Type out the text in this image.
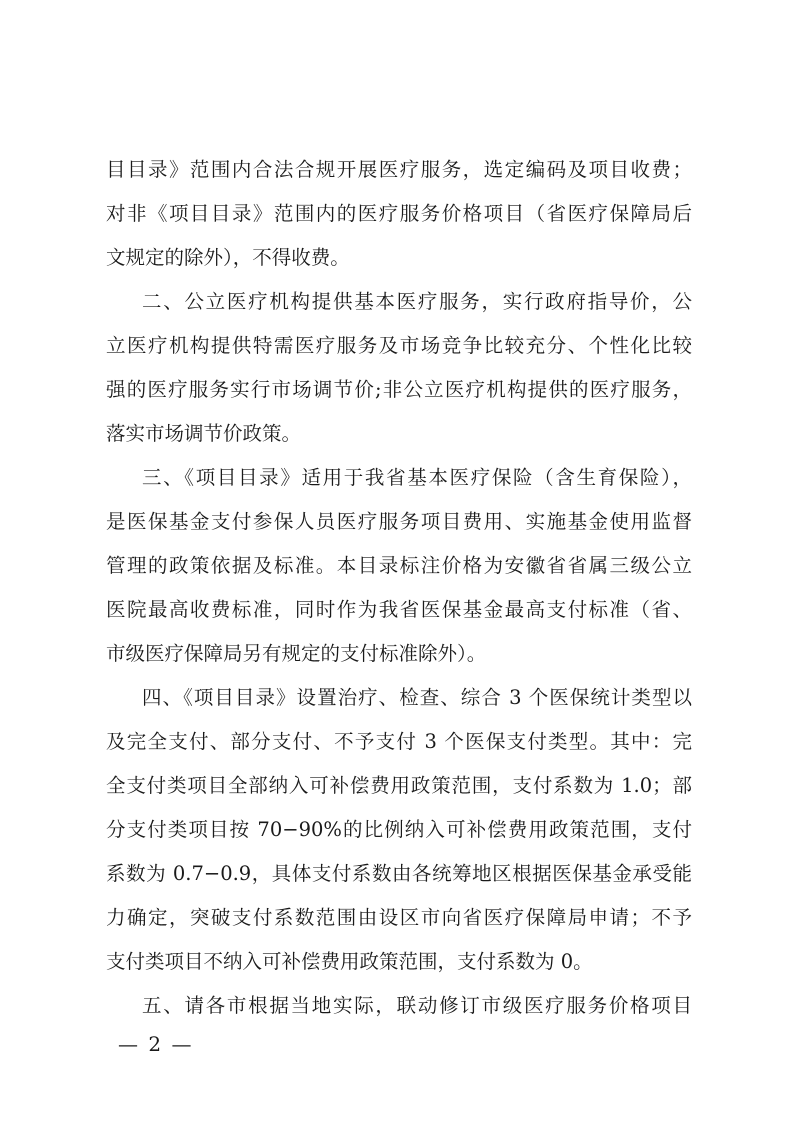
目目录》范围内合法合规开展医疗服务，选定编码及项目收费；
对非《项目目录》范围内的医疗服务价格项目（省医疗保障局后
文规定的除外），不得收费。
二、公立医疗机构提供基本医疗服务，实行政府指导价，公
立医疗机构提供特需医疗服务及市场竞争比较充分、个性化比较
强的医疗服务实行市场调节价;非公立医疗机构提供的医疗服务，
落实市场调节价政策。
三、《项目目录》适用于我省基本医疗保险（含生育保险），
是医保基金支付参保人员医疗服务项目费用、实施基金使用监督
管理的政策依据及标准。本目录标注价格为安徽省省属三级公立
医院最高收费标准，同时作为我省医保基金最高支付标准（省、
市级医疗保障局另有规定的支付标准除外）。
四、《项目目录》设置治疗、检查、综合 3 个医保统计类型以
及完全支付、部分支付、不予支付 3 个医保支付类型。其中：完
全支付类项目全部纳入可补偿费用政策范围，支付系数为 1.0；部
分支付类项目按 70−90%的比例纳入可补偿费用政策范围，支付
系数为 0.7−0.9，具体支付系数由各统筹地区根据医保基金承受能
力确定，突破支付系数范围由设区市向省医疗保障局申请；不予
支付类项目不纳入可补偿费用政策范围，支付系数为 0。
五、请各市根据当地实际，联动修订市级医疗服务价格项目
— 2 —
